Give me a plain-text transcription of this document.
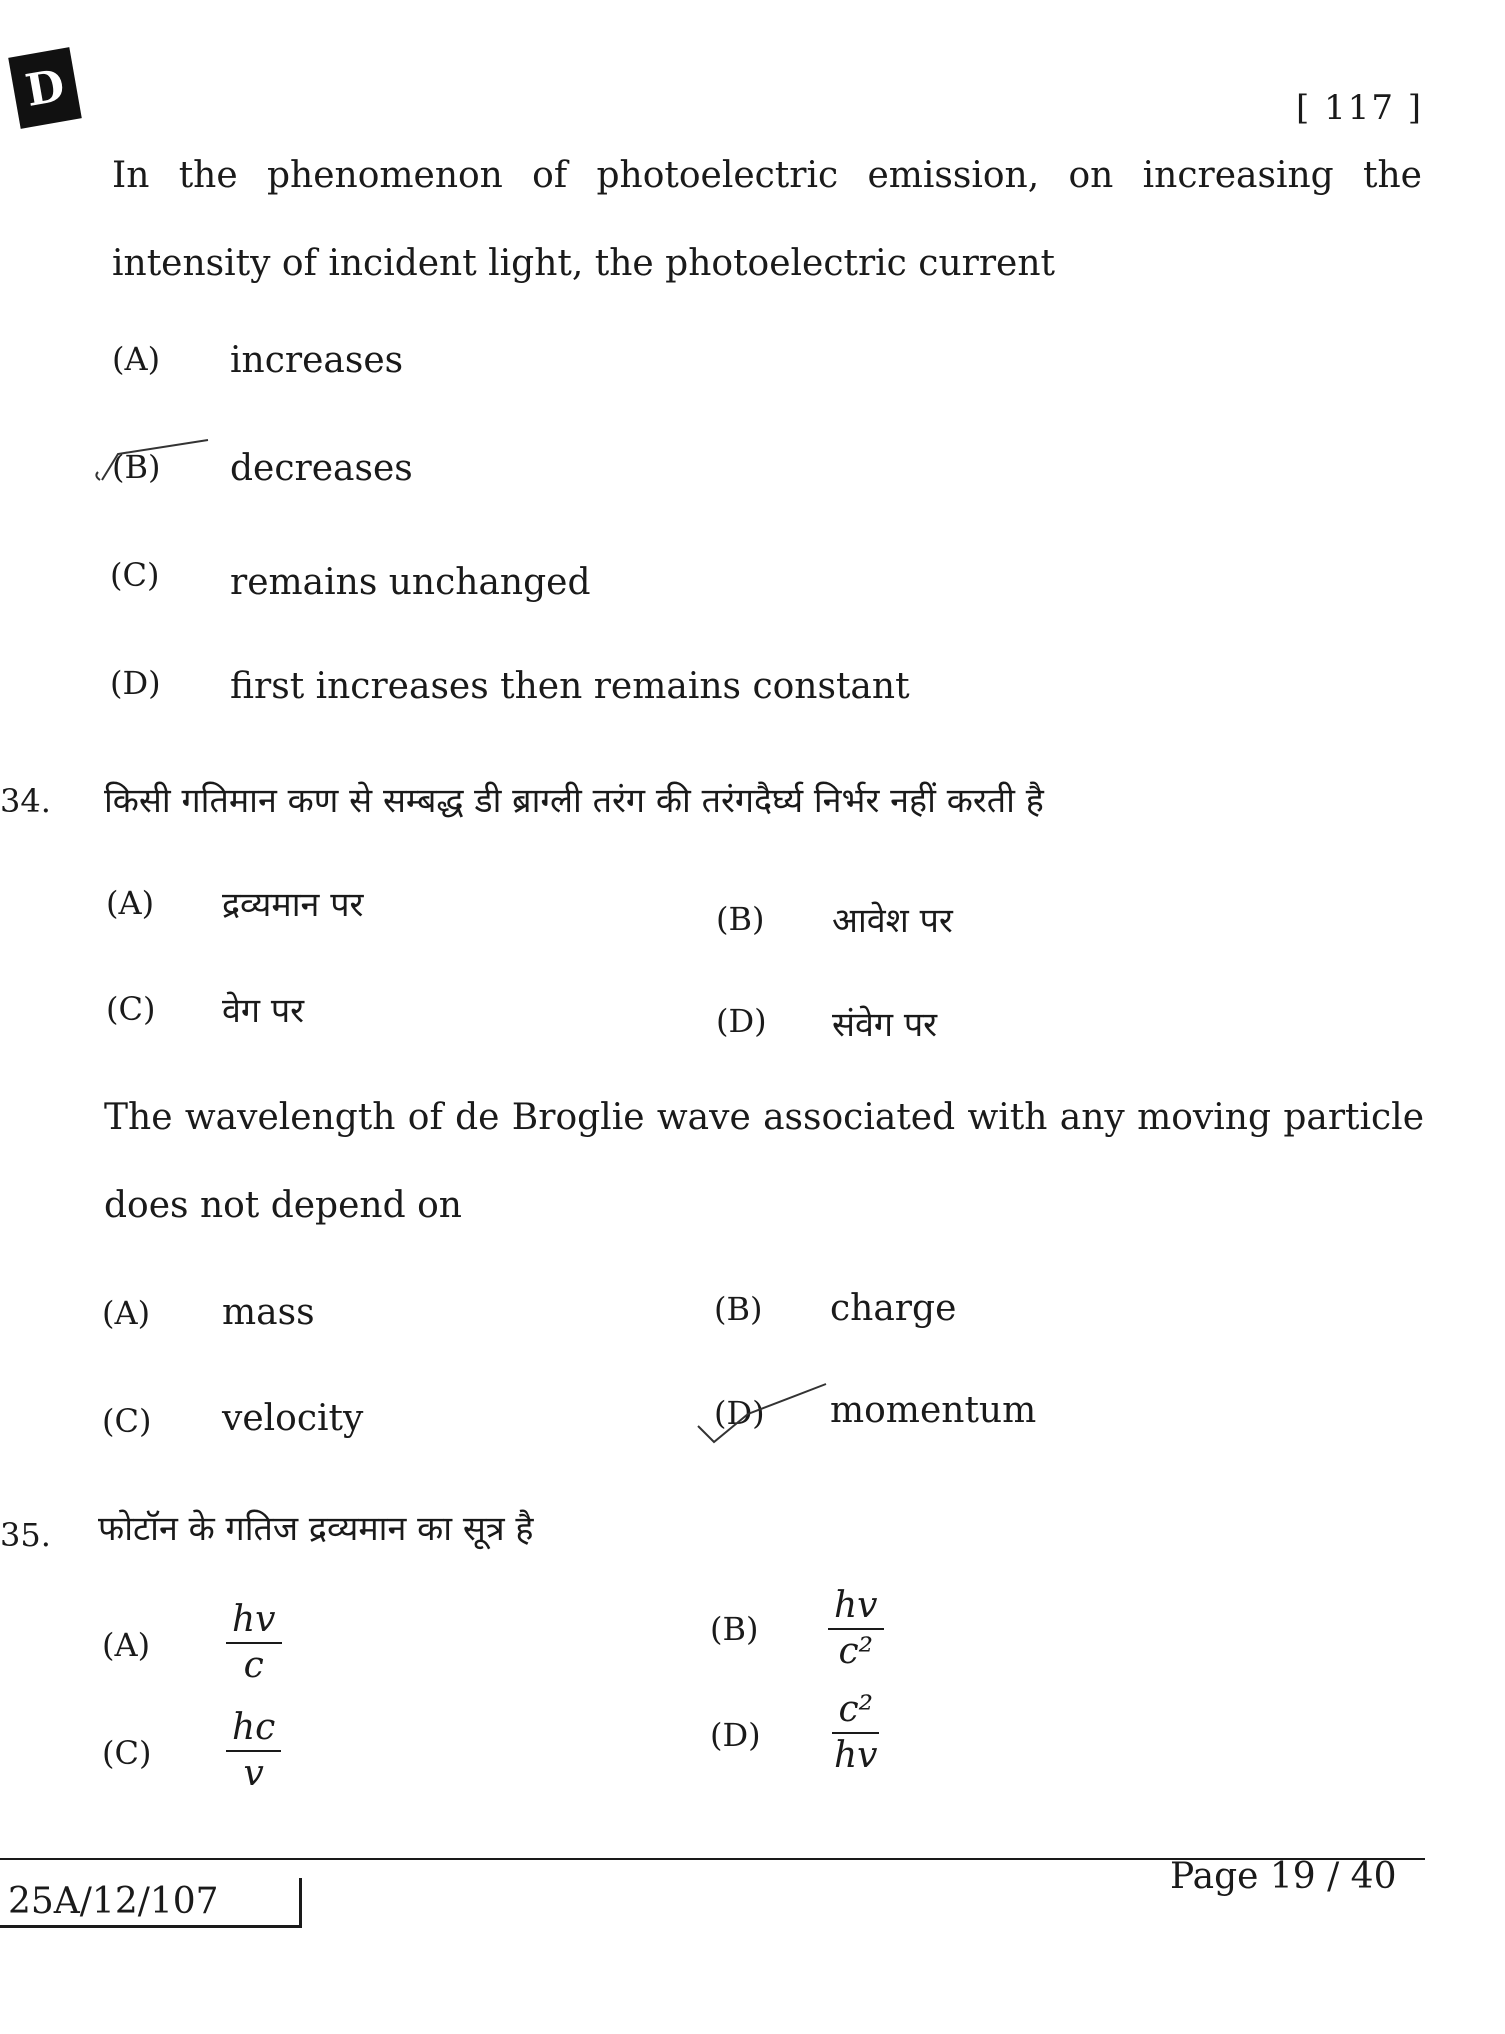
D	[ 117 ]
In the phenomenon of photoelectric emission, on increasing the intensity of incident light, the photoelectric current
(A) increases
(B) decreases
(C) remains unchanged
(D) first increases then remains constant
34. किसी गतिमान कण से सम्बद्ध डी ब्राग्ली तरंग की तरंगदैर्घ्य निर्भर नहीं करती है
(A) द्रव्यमान पर	(B) आवेश पर
(C) वेग पर	(D) संवेग पर
The wavelength of de Broglie wave associated with any moving particle does not depend on
(A) mass	(B) charge
(C) velocity	(D) momentum
35. फोटॉन के गतिज द्रव्यमान का सूत्र है
$(A) \frac{hv}{c}$	$(B) \frac{hv}{\text{c²}}$
$(C) \frac{hc}{v}$	$(D) \frac{\text{c²}}{hv}$
25A/12/107
Page 19 / 40
